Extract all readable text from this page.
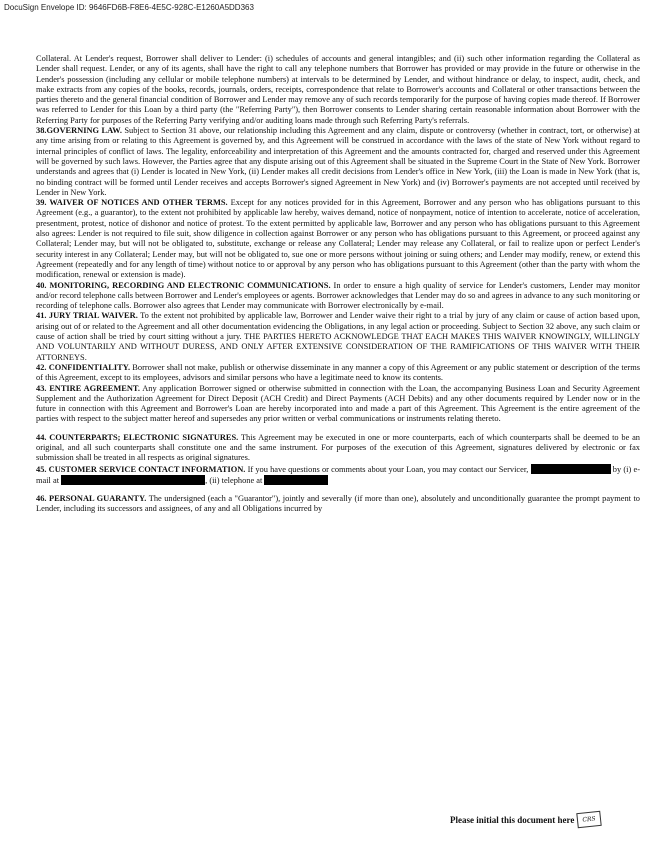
DocuSign Envelope ID: 9646FD6B-F8E6-4E5C-928C-E1260A5DD363

Collateral. At Lender's request, Borrower shall deliver to Lender: (i) schedules of accounts and general intangibles; and (ii) such other information regarding the Collateral as Lender shall request. Lender, or any of its agents, shall have the right to call any telephone numbers that Borrower has provided or may provide in the future or otherwise in the Lender's possession (including any cellular or mobile telephone numbers) at intervals to be determined by Lender, and without hindrance or delay, to inspect, audit, check, and make extracts from any copies of the books, records, journals, orders, receipts, correspondence that relate to Borrower's accounts and Collateral or other transactions between the parties thereto and the general financial condition of Borrower and Lender may remove any of such records temporarily for the purpose of having copies made thereof. If Borrower was referred to Lender for this Loan by a third party (the "Referring Party"), then Borrower consents to Lender sharing certain reasonable information about Borrower with the Referring Party for purposes of the Referring Party verifying and/or auditing loans made through such Referring Party's referrals.

38.GOVERNING LAW. Subject to Section 31 above, our relationship including this Agreement and any claim, dispute or controversy (whether in contract, tort, or otherwise) at any time arising from or relating to this Agreement is governed by, and this Agreement will be construed in accordance with the laws of the state of New York without regard to internal principles of conflict of laws. The legality, enforceability and interpretation of this Agreement and the amounts contracted for, charged and reserved under this Agreement will be governed by such laws. However, the Parties agree that any dispute arising out of this Agreement shall be situated in the Supreme Court in the State of New York. Borrower understands and agrees that (i) Lender is located in New York, (ii) Lender makes all credit decisions from Lender's office in New York, (iii) the Loan is made in New York (that is, no binding contract will be formed until Lender receives and accepts Borrower's signed Agreement in New York) and (iv) Borrower's payments are not accepted until received by Lender in New York.

39. WAIVER OF NOTICES AND OTHER TERMS. Except for any notices provided for in this Agreement, Borrower and any person who has obligations pursuant to this Agreement (e.g., a guarantor), to the extent not prohibited by applicable law hereby, waives demand, notice of nonpayment, notice of intention to accelerate, notice of acceleration, presentment, protest, notice of dishonor and notice of protest. To the extent permitted by applicable law, Borrower and any person who has obligations pursuant to this Agreement also agrees: Lender is not required to file suit, show diligence in collection against Borrower or any person who has obligations pursuant to this Agreement, or proceed against any Collateral; Lender may, but will not be obligated to, substitute, exchange or release any Collateral; Lender may release any Collateral, or fail to realize upon or perfect Lender's security interest in any Collateral; Lender may, but will not be obligated to, sue one or more persons without joining or suing others; and Lender may modify, renew, or extend this Agreement (repeatedly and for any length of time) without notice to or approval by any person who has obligations pursuant to this Agreement (other than the party with whom the modification, renewal or extension is made).

40. MONITORING, RECORDING AND ELECTRONIC COMMUNICATIONS. In order to ensure a high quality of service for Lender's customers, Lender may monitor and/or record telephone calls between Borrower and Lender's employees or agents. Borrower acknowledges that Lender may do so and agrees in advance to any such monitoring or recording of telephone calls. Borrower also agrees that Lender may communicate with Borrower electronically by e-mail.

41. JURY TRIAL WAIVER. To the extent not prohibited by applicable law, Borrower and Lender waive their right to a trial by jury of any claim or cause of action based upon, arising out of or related to the Agreement and all other documentation evidencing the Obligations, in any legal action or proceeding. Subject to Section 32 above, any such claim or cause of action shall be tried by court sitting without a jury. THE PARTIES HERETO ACKNOWLEDGE THAT EACH MAKES THIS WAIVER KNOWINGLY, WILLINGLY AND VOLUNTARILY AND WITHOUT DURESS, AND ONLY AFTER EXTENSIVE CONSIDERATION OF THE RAMIFICATIONS OF THIS WAIVER WITH THEIR ATTORNEYS.

42. CONFIDENTIALITY. Borrower shall not make, publish or otherwise disseminate in any manner a copy of this Agreement or any public statement or description of the terms of this Agreement, except to its employees, advisors and similar persons who have a legitimate need to know its contents.

43. ENTIRE AGREEMENT. Any application Borrower signed or otherwise submitted in connection with the Loan, the accompanying Business Loan and Security Agreement Supplement and the Authorization Agreement for Direct Deposit (ACH Credit) and Direct Payments (ACH Debits) and any other documents required by Lender now or in the future in connection with this Agreement and Borrower's Loan are hereby incorporated into and made a part of this Agreement. This Agreement is the entire agreement of the parties with respect to the subject matter hereof and supersedes any prior written or verbal communications or instruments relating thereto.

44. COUNTERPARTS; ELECTRONIC SIGNATURES. This Agreement may be executed in one or more counterparts, each of which counterparts shall be deemed to be an original, and all such counterparts shall constitute one and the same instrument. For purposes of the execution of this Agreement, signatures delivered by electronic or fax submission shall be treated in all respects as original signatures.

45. CUSTOMER SERVICE CONTACT INFORMATION. If you have questions or comments about your Loan, you may contact our Servicer,	by (i) e-mail at	, (ii) telephone at

46. PERSONAL GUARANTY. The undersigned (each a "Guarantor"), jointly and severally (if more than one), absolutely and unconditionally guarantee the prompt payment to Lender, including its successors and assignees, of any and all Obligations incurred by

Please initial this document here	CRS
